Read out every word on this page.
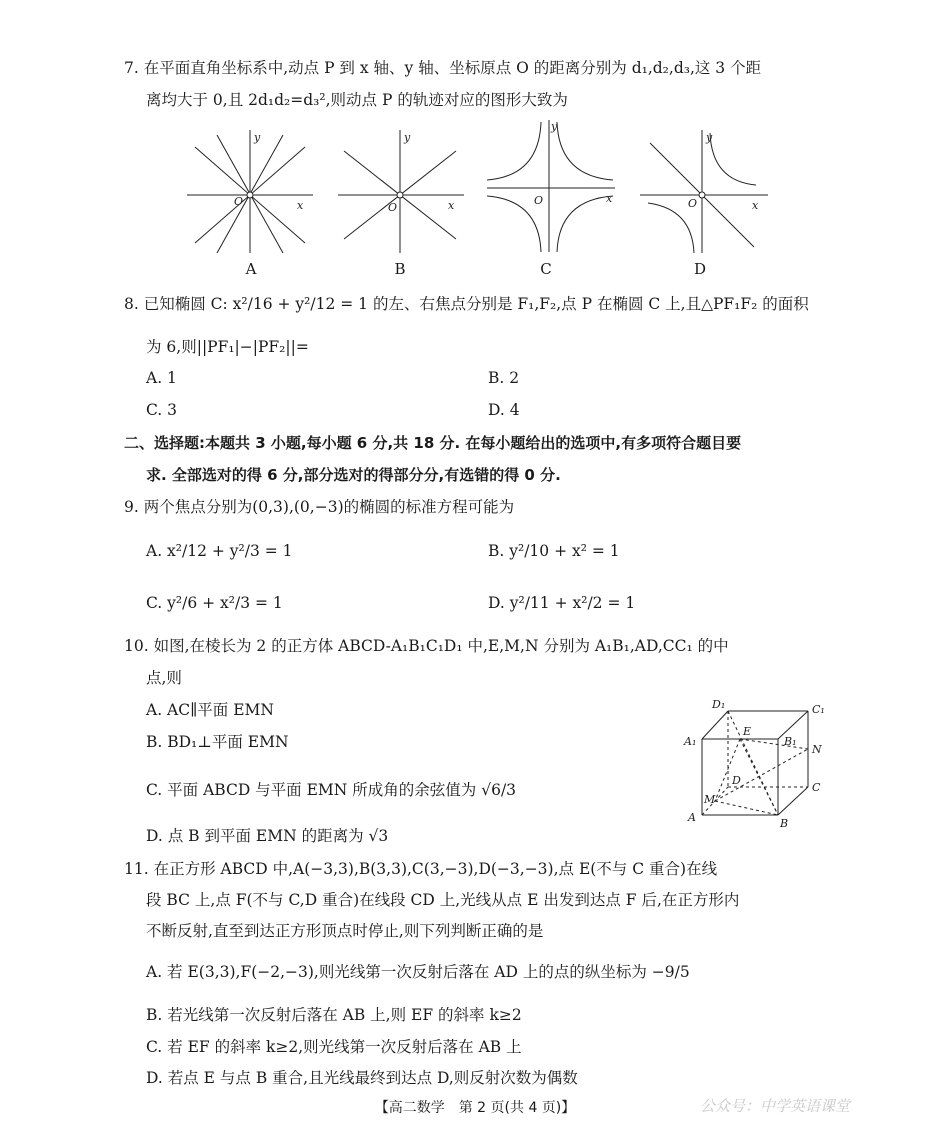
7. 在平面直角坐标系中,动点 P 到 x 轴、y 轴、坐标原点 O 的距离分别为 d₁,d₂,d₃,这 3 个距
离均大于 0,且 2d₁d₂=d₃²,则动点 P 的轨迹对应的图形大致为
y
x
O
y
x
O
y
x
O
y
x
O
A	B	C	D
8. 已知椭圆 C: x²/16 + y²/12 = 1 的左、右焦点分别是 F₁,F₂,点 P 在椭圆 C 上,且△PF₁F₂ 的面积
为 6,则||PF₁|−|PF₂||=
A. 1	B. 2
C. 3	D. 4
二、选择题:本题共 3 小题,每小题 6 分,共 18 分. 在每小题给出的选项中,有多项符合题目要
求. 全部选对的得 6 分,部分选对的得部分分,有选错的得 0 分.
9. 两个焦点分别为(0,3),(0,−3)的椭圆的标准方程可能为
A. x²/12 + y²/3 = 1	B. y²/10 + x² = 1
C. y²/6 + x²/3 = 1	D. y²/11 + x²/2 = 1
10. 如图,在棱长为 2 的正方体 ABCD-A₁B₁C₁D₁ 中,E,M,N 分别为 A₁B₁,AD,CC₁ 的中
点,则
A. AC∥平面 EMN
B. BD₁⊥平面 EMN
C. 平面 ABCD 与平面 EMN 所成角的余弦值为 √6/3
D. 点 B 到平面 EMN 的距离为 √3
D₁	C₁
A₁
E
B₁
N
D
C
M
A	B
11. 在正方形 ABCD 中,A(−3,3),B(3,3),C(3,−3),D(−3,−3),点 E(不与 C 重合)在线
段 BC 上,点 F(不与 C,D 重合)在线段 CD 上,光线从点 E 出发到达点 F 后,在正方形内
不断反射,直至到达正方形顶点时停止,则下列判断正确的是
A. 若 E(3,3),F(−2,−3),则光线第一次反射后落在 AD 上的点的纵坐标为 −9/5
B. 若光线第一次反射后落在 AB 上,则 EF 的斜率 k≥2
C. 若 EF 的斜率 k≥2,则光线第一次反射后落在 AB 上
D. 若点 E 与点 B 重合,且光线最终到达点 D,则反射次数为偶数
【高二数学　第 2 页(共 4 页)】	公众号：中学英语课堂
